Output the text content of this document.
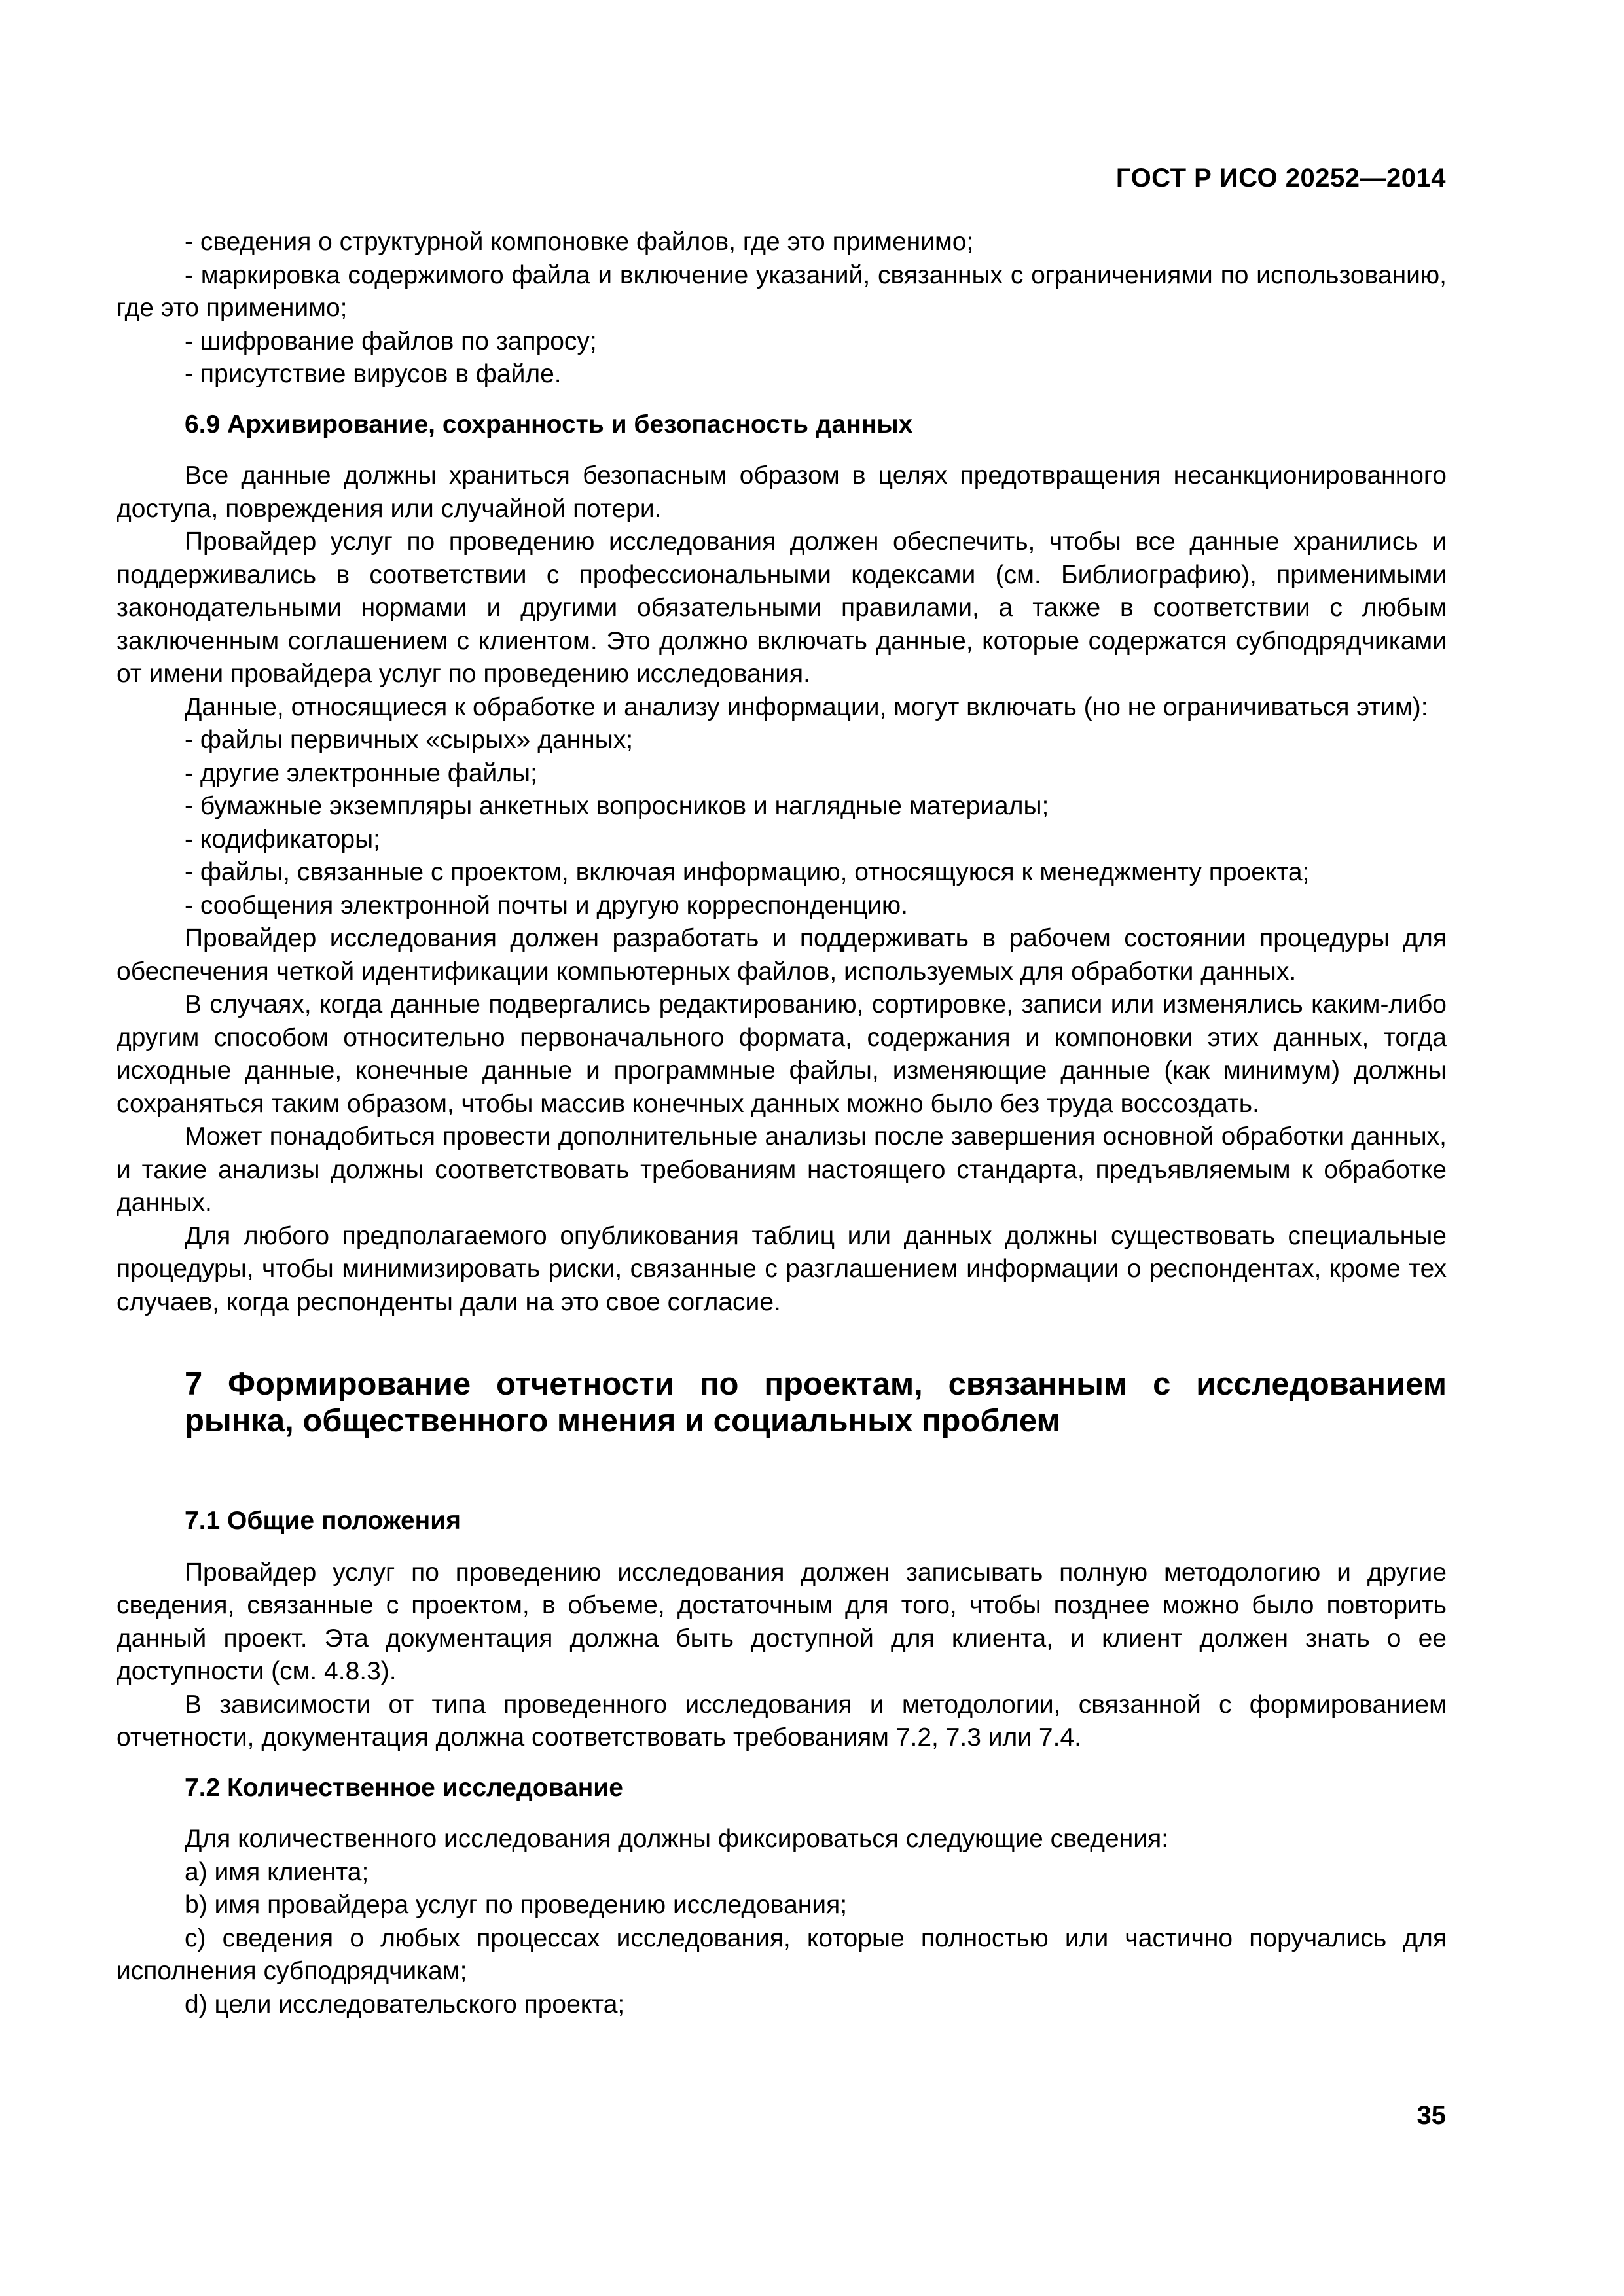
ГОСТ Р ИСО 20252—2014

- сведения о структурной компоновке файлов, где это применимо;

- маркировка содержимого файла и включение указаний, связанных с ограничениями по использованию, где это применимо;

- шифрование файлов по запросу;

- присутствие вирусов в файле.

6.9 Архивирование, сохранность и безопасность данных

Все данные должны храниться безопасным образом в целях предотвращения несанкционированного доступа, повреждения или случайной потери.

Провайдер услуг по проведению исследования должен обеспечить, чтобы все данные хранились и поддерживались в соответствии с профессиональными кодексами (см. Библиографию), применимыми законодательными нормами и другими обязательными правилами, а также в соответствии с любым заключенным соглашением с клиентом. Это должно включать данные, которые содержатся субподрядчиками от имени провайдера услуг по проведению исследования.

Данные, относящиеся к обработке и анализу информации, могут включать (но не ограничиваться этим):

- файлы первичных «сырых» данных;

- другие электронные файлы;

- бумажные экземпляры анкетных вопросников и наглядные материалы;

- кодификаторы;

- файлы, связанные с проектом, включая информацию, относящуюся к менеджменту проекта;

- сообщения электронной почты и другую корреспонденцию.

Провайдер исследования должен разработать и поддерживать в рабочем состоянии процедуры для обеспечения четкой идентификации компьютерных файлов, используемых для обработки данных.

В случаях, когда данные подвергались редактированию, сортировке, записи или изменялись каким-либо другим способом относительно первоначального формата, содержания и компоновки этих данных, тогда исходные данные, конечные данные и программные файлы, изменяющие данные (как минимум) должны сохраняться таким образом, чтобы массив конечных данных можно было без труда воссоздать.

Может понадобиться провести дополнительные анализы после завершения основной обработки данных, и такие анализы должны соответствовать требованиям настоящего стандарта, предъявляемым к обработке данных.

Для любого предполагаемого опубликования таблиц или данных должны существовать специальные процедуры, чтобы минимизировать риски, связанные с разглашением информации о респондентах, кроме тех случаев, когда респонденты дали на это свое согласие.

7 Формирование отчетности по проектам, связанным с исследованием рынка, общественного мнения и социальных проблем

7.1 Общие положения

Провайдер услуг по проведению исследования должен записывать полную методологию и другие сведения, связанные с проектом, в объеме, достаточным для того, чтобы позднее можно было повторить данный проект. Эта документация должна быть доступной для клиента, и клиент должен знать о ее доступности (см. 4.8.3).

В зависимости от типа проведенного исследования и методологии, связанной с формированием отчетности, документация должна соответствовать требованиям 7.2, 7.3 или 7.4.

7.2 Количественное исследование

Для количественного исследования должны фиксироваться следующие сведения:

a) имя клиента;

b) имя провайдера услуг по проведению исследования;

c) сведения о любых процессах исследования, которые полностью или частично поручались для исполнения субподрядчикам;

d) цели исследовательского проекта;

35
